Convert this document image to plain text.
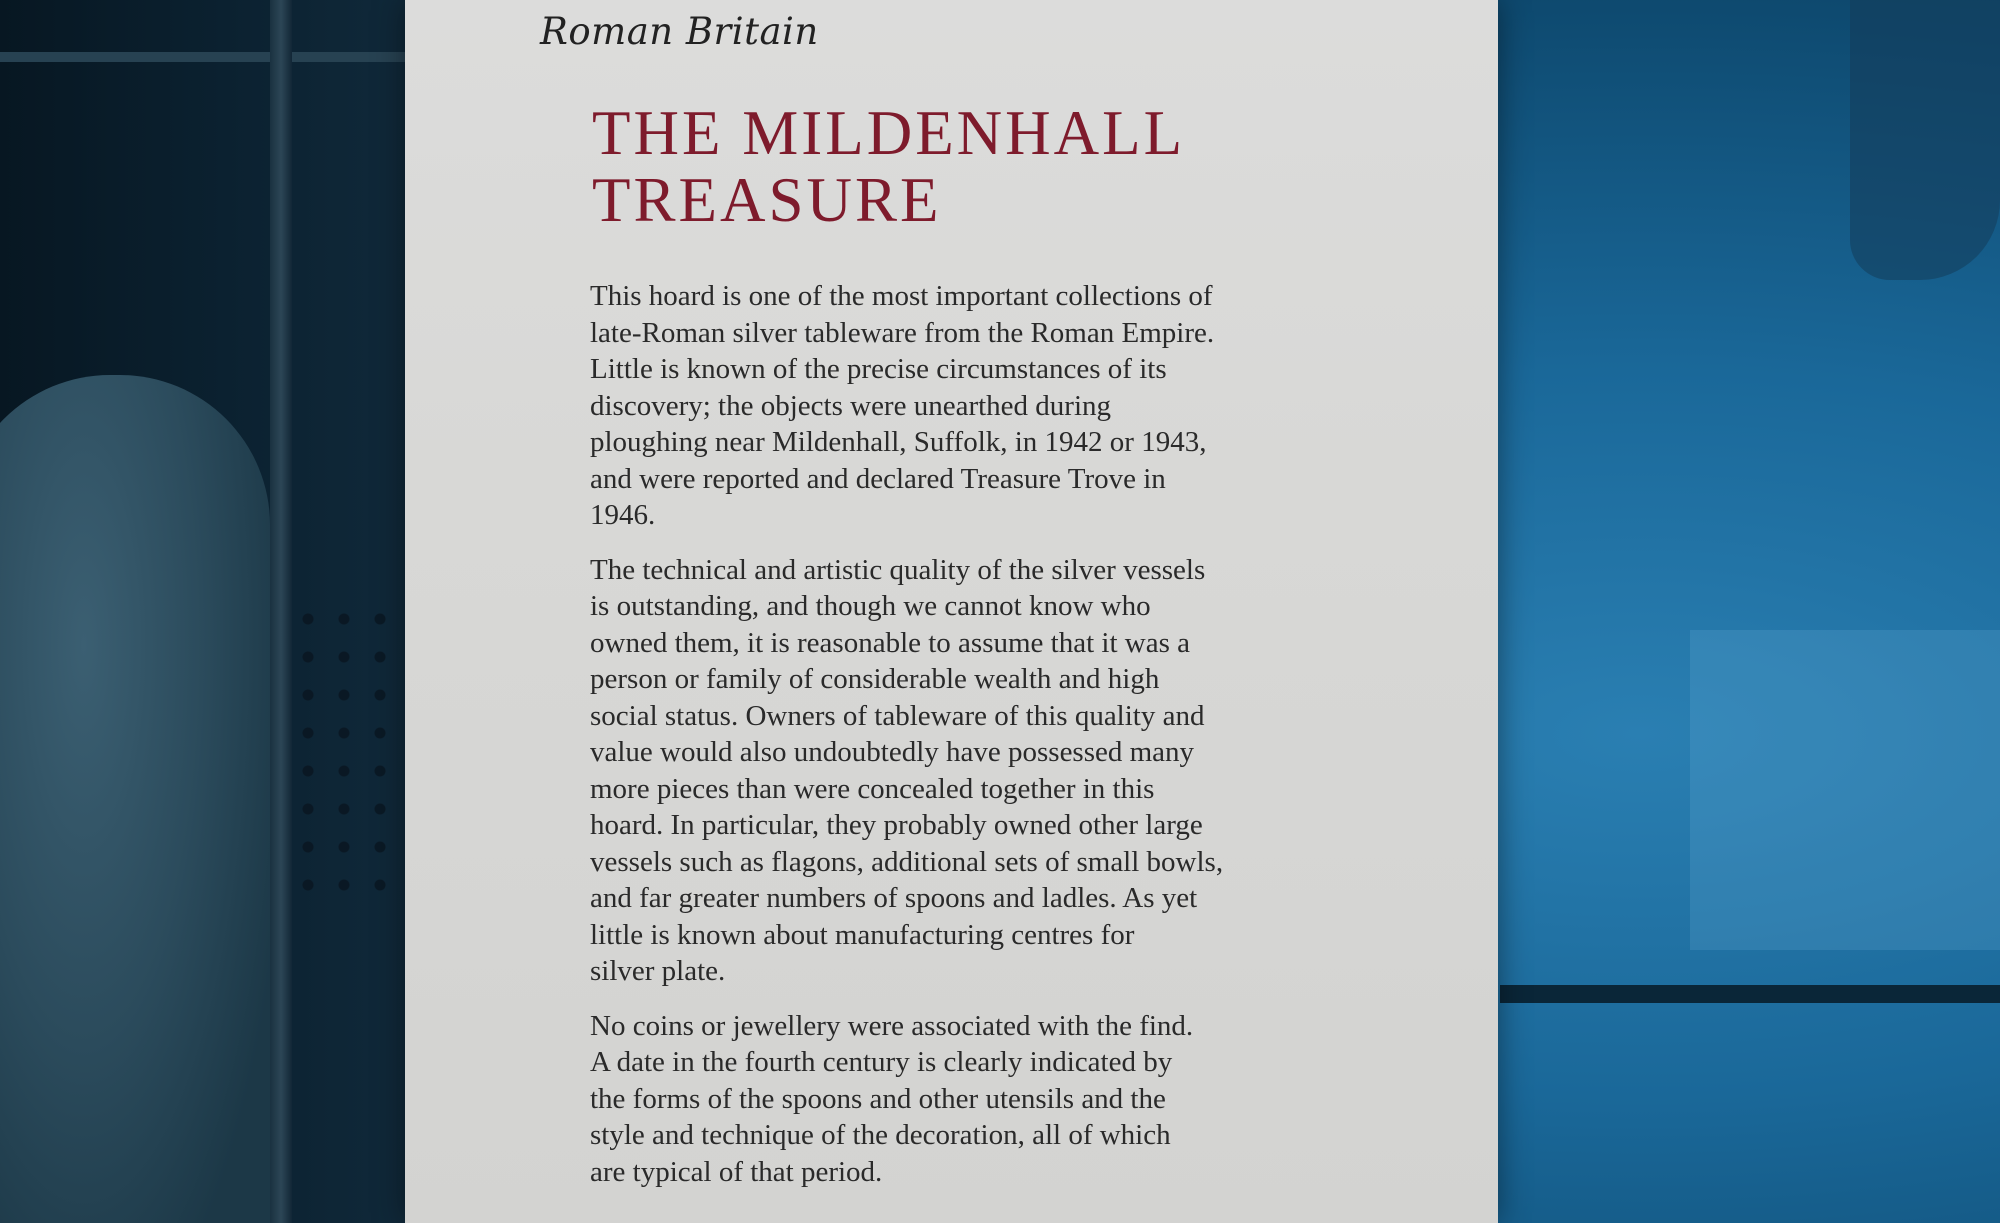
Roman Britain
THE MILDENHALL
TREASURE

This hoard is one of the most important collections of
late-Roman silver tableware from the Roman Empire.
Little is known of the precise circumstances of its
discovery; the objects were unearthed during
ploughing near Mildenhall, Suffolk, in 1942 or 1943,
and were reported and declared Treasure Trove in
1946.

The technical and artistic quality of the silver vessels
is outstanding, and though we cannot know who
owned them, it is reasonable to assume that it was a
person or family of considerable wealth and high
social status. Owners of tableware of this quality and
value would also undoubtedly have possessed many
more pieces than were concealed together in this
hoard. In particular, they probably owned other large
vessels such as flagons, additional sets of small bowls,
and far greater numbers of spoons and ladles. As yet
little is known about manufacturing centres for
silver plate.

No coins or jewellery were associated with the find.
A date in the fourth century is clearly indicated by
the forms of the spoons and other utensils and the
style and technique of the decoration, all of which
are typical of that period.
